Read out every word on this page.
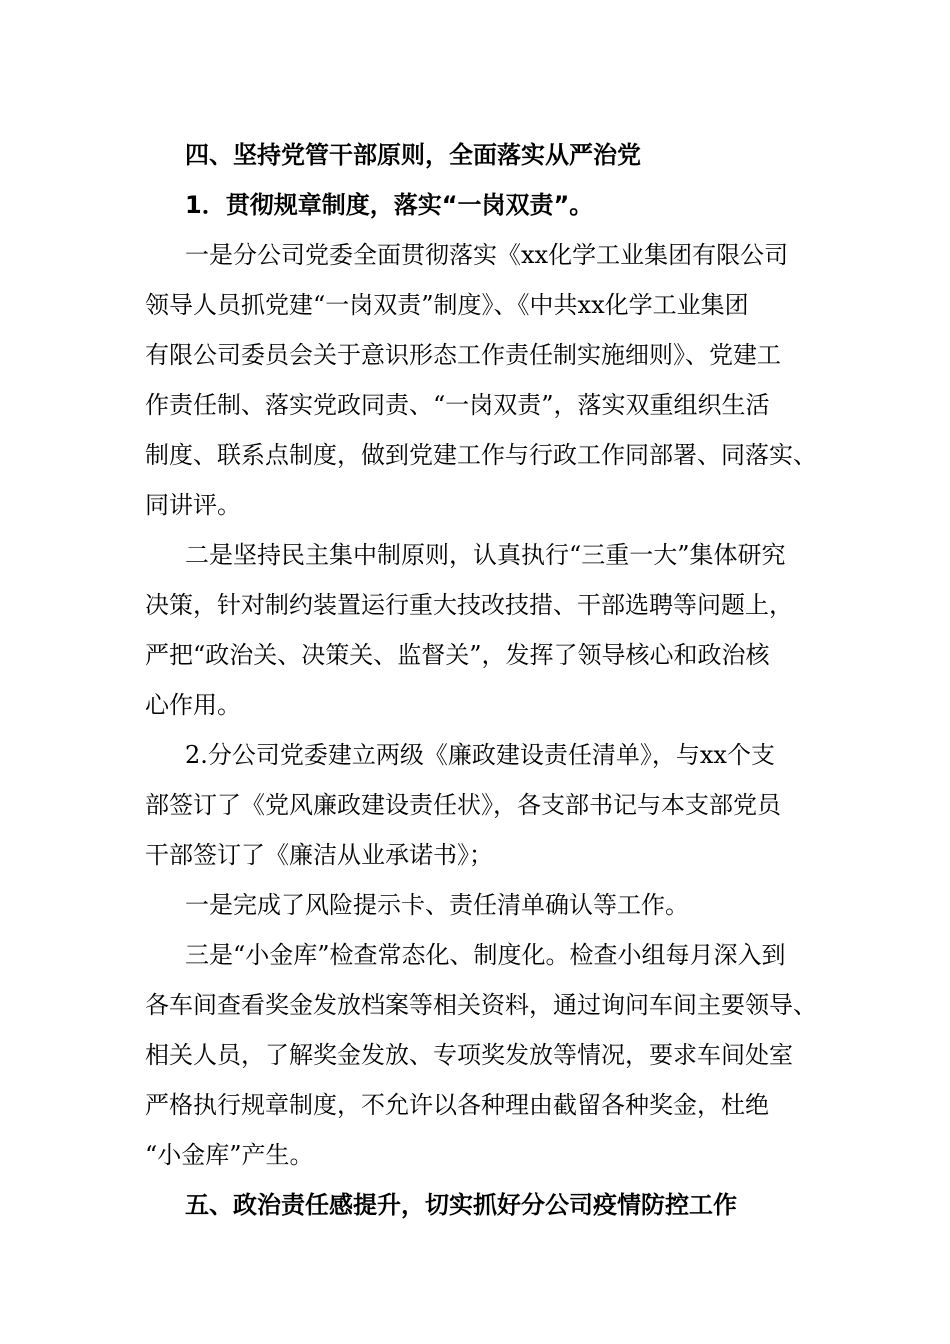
四、坚持党管干部原则，全面落实从严治党
1．贯彻规章制度，落实“一岗双责”。
一是分公司党委全面贯彻落实《xx化学工业集团有限公司
领导人员抓党建“一岗双责”制度》、《中共xx化学工业集团
有限公司委员会关于意识形态工作责任制实施细则》、党建工
作责任制、落实党政同责、“一岗双责”，落实双重组织生活
制度、联系点制度，做到党建工作与行政工作同部署、同落实、
同讲评。
二是坚持民主集中制原则，认真执行“三重一大”集体研究
决策，针对制约装置运行重大技改技措、干部选聘等问题上，
严把“政治关、决策关、监督关”，发挥了领导核心和政治核
心作用。
2.分公司党委建立两级《廉政建设责任清单》，与xx个支
部签订了《党风廉政建设责任状》，各支部书记与本支部党员
干部签订了《廉洁从业承诺书》；
一是完成了风险提示卡、责任清单确认等工作。
三是“小金库”检查常态化、制度化。检查小组每月深入到
各车间查看奖金发放档案等相关资料，通过询问车间主要领导、
相关人员，了解奖金发放、专项奖发放等情况，要求车间处室
严格执行规章制度，不允许以各种理由截留各种奖金，杜绝
“小金库”产生。
五、政治责任感提升，切实抓好分公司疫情防控工作
